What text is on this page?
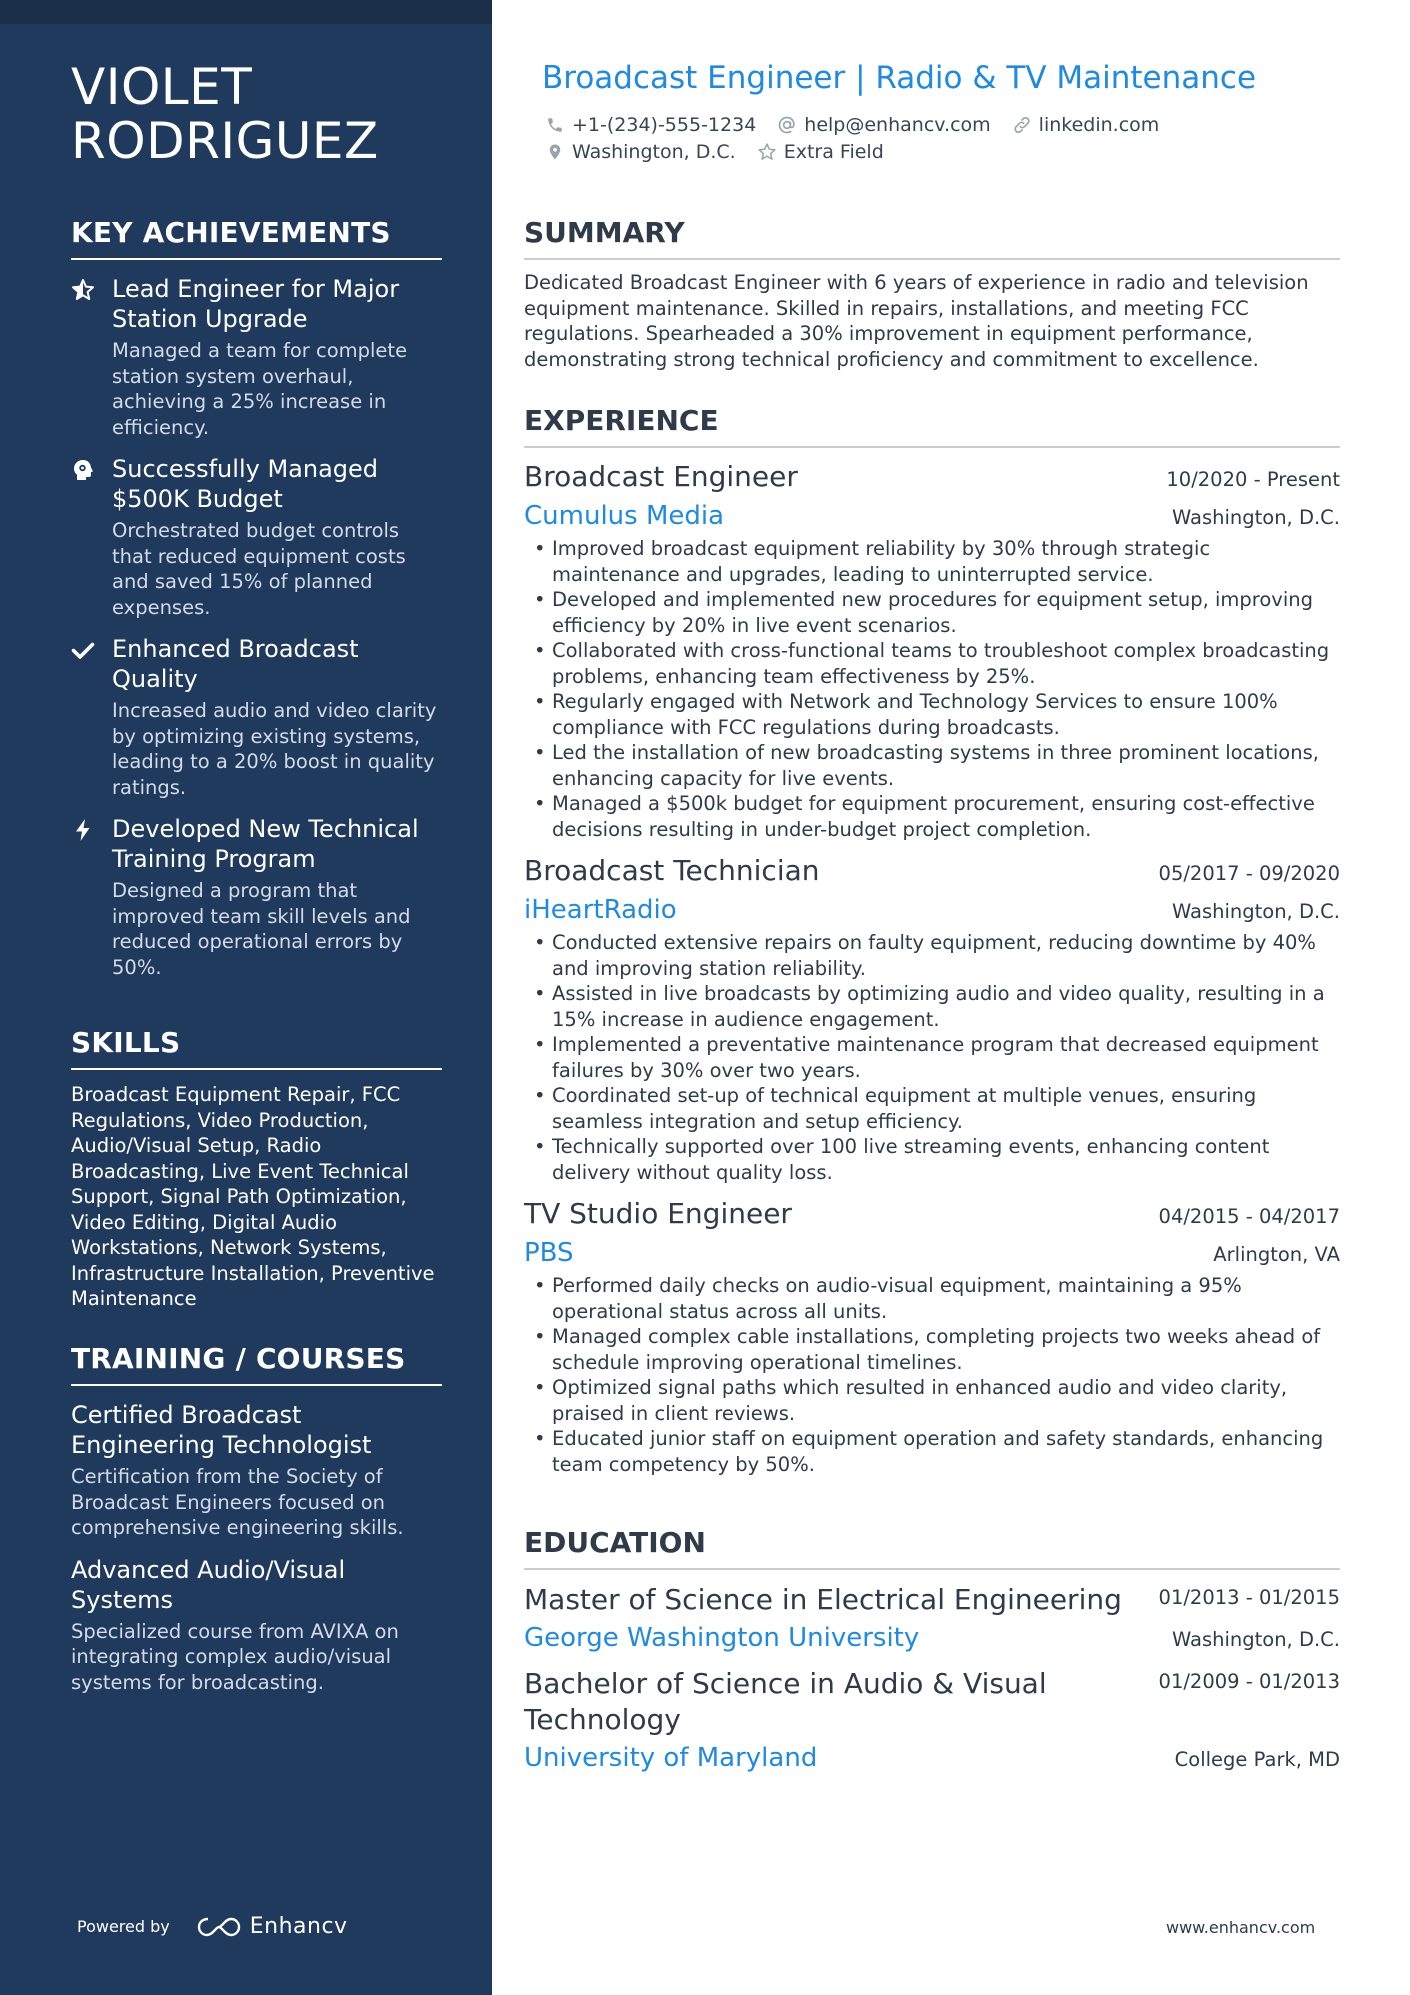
VIOLET
RODRIGUEZ
KEY ACHIEVEMENTS
Lead Engineer for Major Station Upgrade
Managed a team for complete station system overhaul, achieving a 25% increase in efficiency.
Successfully Managed $500K Budget
Orchestrated budget controls that reduced equipment costs and saved 15% of planned expenses.
Enhanced Broadcast Quality
Increased audio and video clarity by optimizing existing systems, leading to a 20% boost in quality ratings.
Developed New Technical Training Program
Designed a program that improved team skill levels and reduced operational errors by 50%.
SKILLS

Broadcast Equipment Repair, FCC Regulations, Video Production, Audio/Visual Setup, Radio Broadcasting, Live Event Technical Support, Signal Path Optimization, Video Editing, Digital Audio Workstations, Network Systems, Infrastructure Installation, Preventive Maintenance

TRAINING / COURSES
Certified Broadcast Engineering Technologist
Certification from the Society of Broadcast Engineers focused on comprehensive engineering skills.
Advanced Audio/Visual Systems
Specialized course from AVIXA on integrating complex audio/visual systems for broadcasting.
Powered by	Enhancv
Broadcast Engineer | Radio & TV Maintenance
+1-(234)-555-1234	help@enhancv.com	linkedin.com
Washington, D.C.	Extra Field
SUMMARY

Dedicated Broadcast Engineer with 6 years of experience in radio and television equipment maintenance. Skilled in repairs, installations, and meeting FCC regulations. Spearheaded a 30% improvement in equipment performance, demonstrating strong technical proficiency and commitment to excellence.

EXPERIENCE
Broadcast Engineer	10/2020 - Present
Cumulus Media	Washington, D.C.
• Improved broadcast equipment reliability by 30% through strategic maintenance and upgrades, leading to uninterrupted service.
• Developed and implemented new procedures for equipment setup, improving efficiency by 20% in live event scenarios.
• Collaborated with cross-functional teams to troubleshoot complex broadcasting problems, enhancing team effectiveness by 25%.
• Regularly engaged with Network and Technology Services to ensure 100% compliance with FCC regulations during broadcasts.
• Led the installation of new broadcasting systems in three prominent locations, enhancing capacity for live events.
• Managed a $500k budget for equipment procurement, ensuring cost-effective decisions resulting in under-budget project completion.
Broadcast Technician	05/2017 - 09/2020
iHeartRadio	Washington, D.C.
• Conducted extensive repairs on faulty equipment, reducing downtime by 40% and improving station reliability.
• Assisted in live broadcasts by optimizing audio and video quality, resulting in a 15% increase in audience engagement.
• Implemented a preventative maintenance program that decreased equipment failures by 30% over two years.
• Coordinated set-up of technical equipment at multiple venues, ensuring seamless integration and setup efficiency.
• Technically supported over 100 live streaming events, enhancing content delivery without quality loss.
TV Studio Engineer	04/2015 - 04/2017
PBS	Arlington, VA
• Performed daily checks on audio-visual equipment, maintaining a 95% operational status across all units.
• Managed complex cable installations, completing projects two weeks ahead of schedule improving operational timelines.
• Optimized signal paths which resulted in enhanced audio and video clarity, praised in client reviews.
• Educated junior staff on equipment operation and safety standards, enhancing team competency by 50%.
EDUCATION
Master of Science in Electrical Engineering 01/2013 - 01/2015
George Washington University	Washington, D.C.
Bachelor of Science in Audio & Visual Technology
01/2009 - 01/2013
University of Maryland	College Park, MD
www.enhancv.com
